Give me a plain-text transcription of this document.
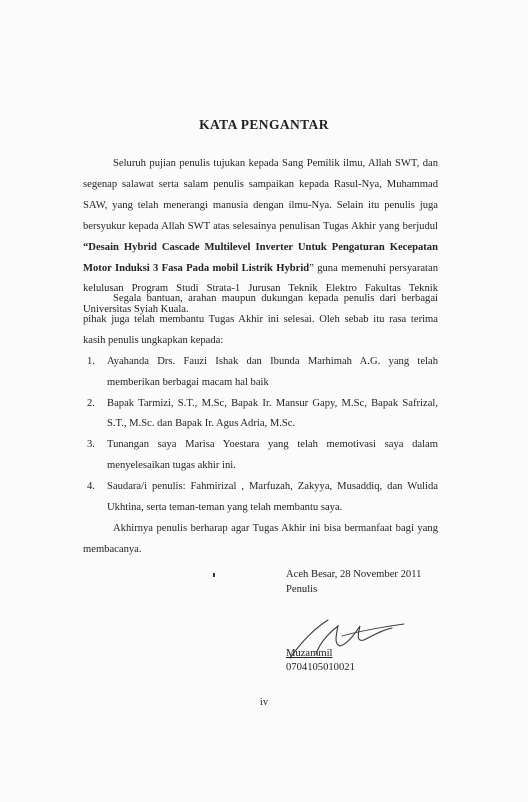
KATA PENGANTAR

Seluruh pujian penulis tujukan kepada Sang Pemilik ilmu, Allah SWT, dan segenap salawat serta salam penulis sampaikan kepada Rasul-Nya, Muhammad SAW, yang telah menerangi manusia dengan ilmu-Nya. Selain itu penulis juga bersyukur kepada Allah SWT atas selesainya penulisan Tugas Akhir yang berjudul “Desain Hybrid Cascade Multilevel Inverter Untuk Pengaturan Kecepatan Motor Induksi 3 Fasa Pada mobil Listrik Hybrid” guna memenuhi persyaratan kelulusan Program Studi Strata-1 Jurusan Teknik Elektro Fakultas Teknik Universitas Syiah Kuala.

Segala bantuan, arahan maupun dukungan kepada penulis dari berbagai pihak juga telah membantu Tugas Akhir ini selesai. Oleh sebab itu rasa terima kasih penulis ungkapkan kepada:

1. Ayahanda Drs. Fauzi Ishak dan Ibunda Marhimah A.G. yang telah memberikan berbagai macam hal baik
2. Bapak Tarmizi, S.T., M.Sc, Bapak Ir. Mansur Gapy, M.Sc, Bapak Safrizal, S.T., M.Sc. dan Bapak Ir. Agus Adria, M.Sc.
3. Tunangan saya Marisa Yoestara yang telah memotivasi saya dalam menyelesaikan tugas akhir ini.
4. Saudara/i penulis: Fahmirizal , Marfuzah, Zakyya, Musaddiq, dan Wulida Ukhtina, serta teman-teman yang telah membantu saya.

Akhirnya penulis berharap agar Tugas Akhir ini bisa bermanfaat bagi yang membacanya.

Aceh Besar, 28 November 2011
Penulis
Muzammil
0704105010021
iv
